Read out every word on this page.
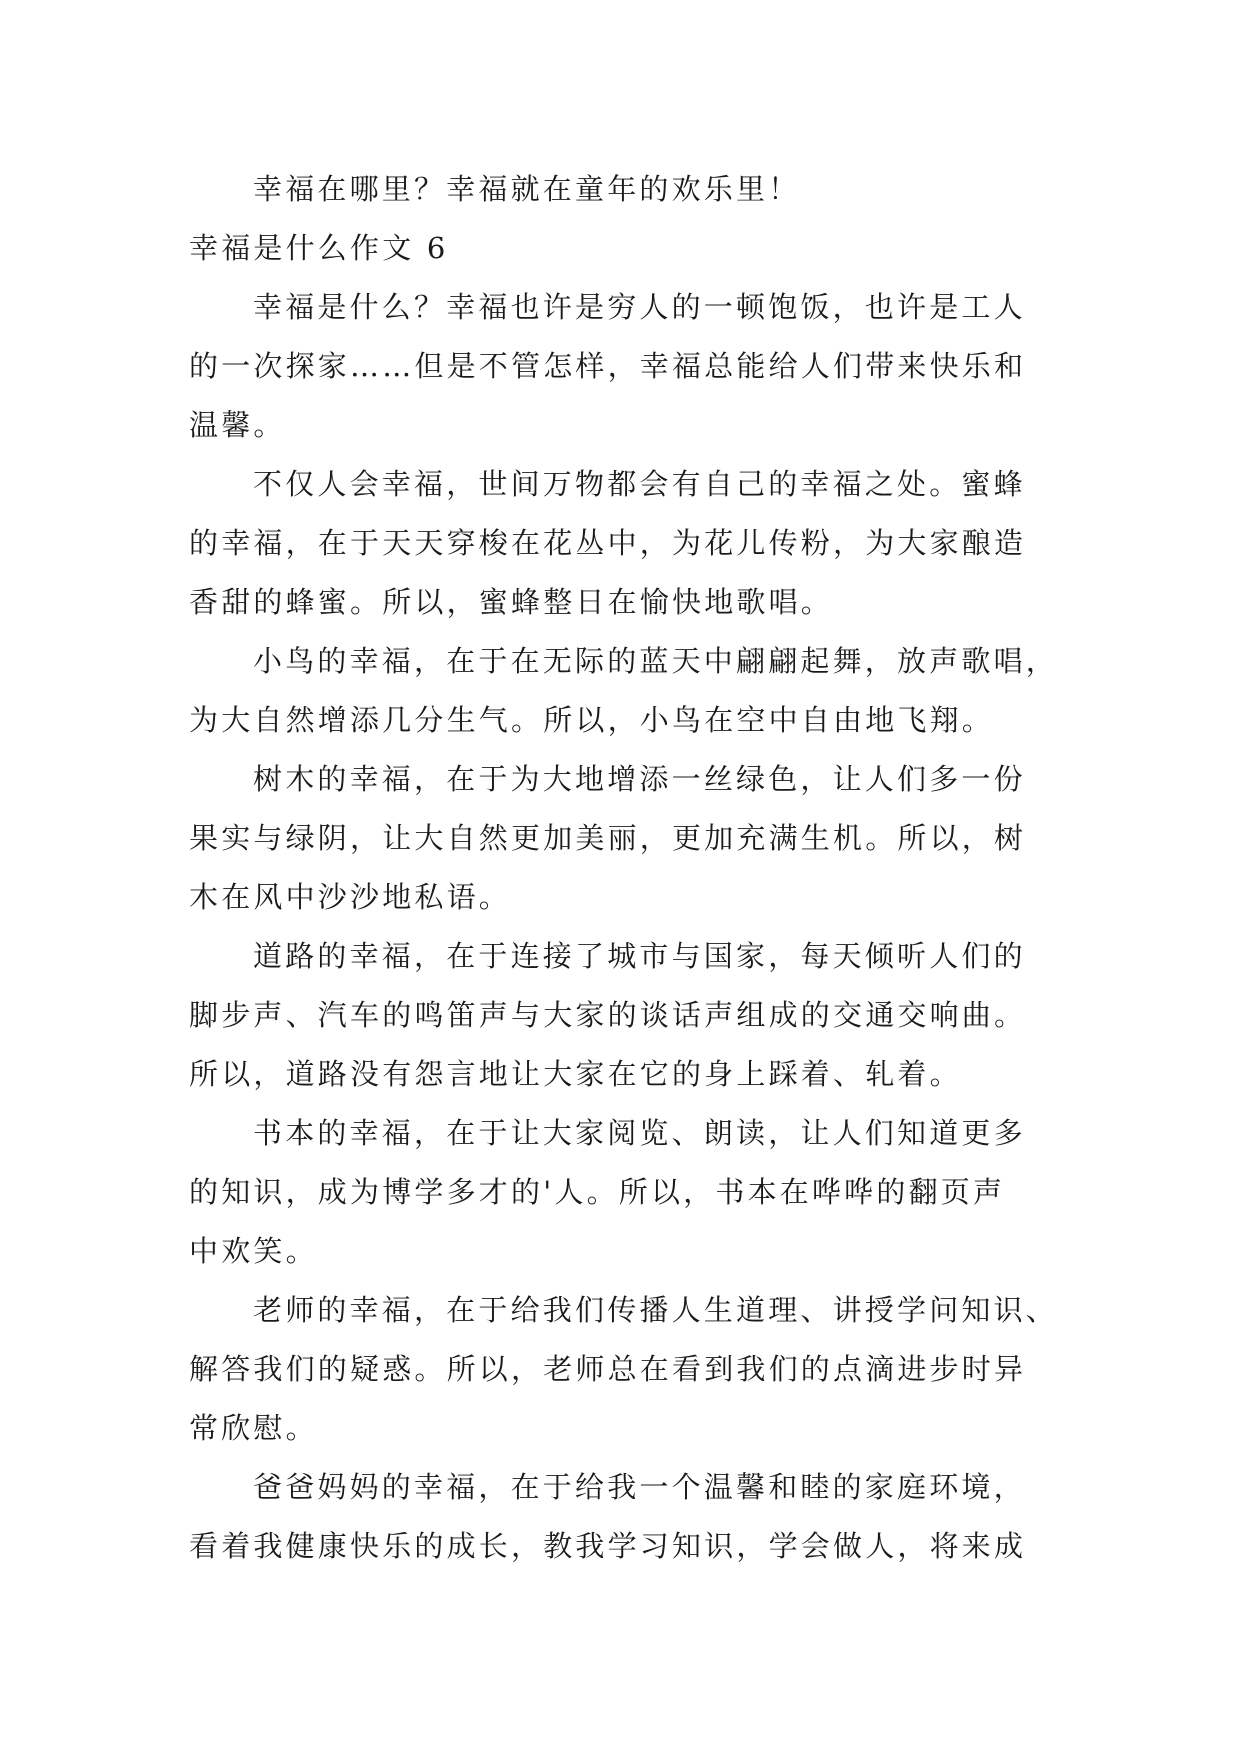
幸福在哪里？幸福就在童年的欢乐里！
幸福是什么作文 6
幸福是什么？幸福也许是穷人的一顿饱饭，也许是工人
的一次探家……但是不管怎样，幸福总能给人们带来快乐和
温馨。
不仅人会幸福，世间万物都会有自己的幸福之处。蜜蜂
的幸福，在于天天穿梭在花丛中，为花儿传粉，为大家酿造
香甜的蜂蜜。所以，蜜蜂整日在愉快地歌唱。
小鸟的幸福，在于在无际的蓝天中翩翩起舞，放声歌唱，
为大自然增添几分生气。所以，小鸟在空中自由地飞翔。
树木的幸福，在于为大地增添一丝绿色，让人们多一份
果实与绿阴，让大自然更加美丽，更加充满生机。所以，树
木在风中沙沙地私语。
道路的幸福，在于连接了城市与国家，每天倾听人们的
脚步声、汽车的鸣笛声与大家的谈话声组成的交通交响曲。
所以，道路没有怨言地让大家在它的身上踩着、轧着。
书本的幸福，在于让大家阅览、朗读，让人们知道更多
的知识，成为博学多才的'人。所以，书本在哗哗的翻页声
中欢笑。
老师的幸福，在于给我们传播人生道理、讲授学问知识、
解答我们的疑惑。所以，老师总在看到我们的点滴进步时异
常欣慰。
爸爸妈妈的幸福，在于给我一个温馨和睦的家庭环境，
看着我健康快乐的成长，教我学习知识，学会做人，将来成
